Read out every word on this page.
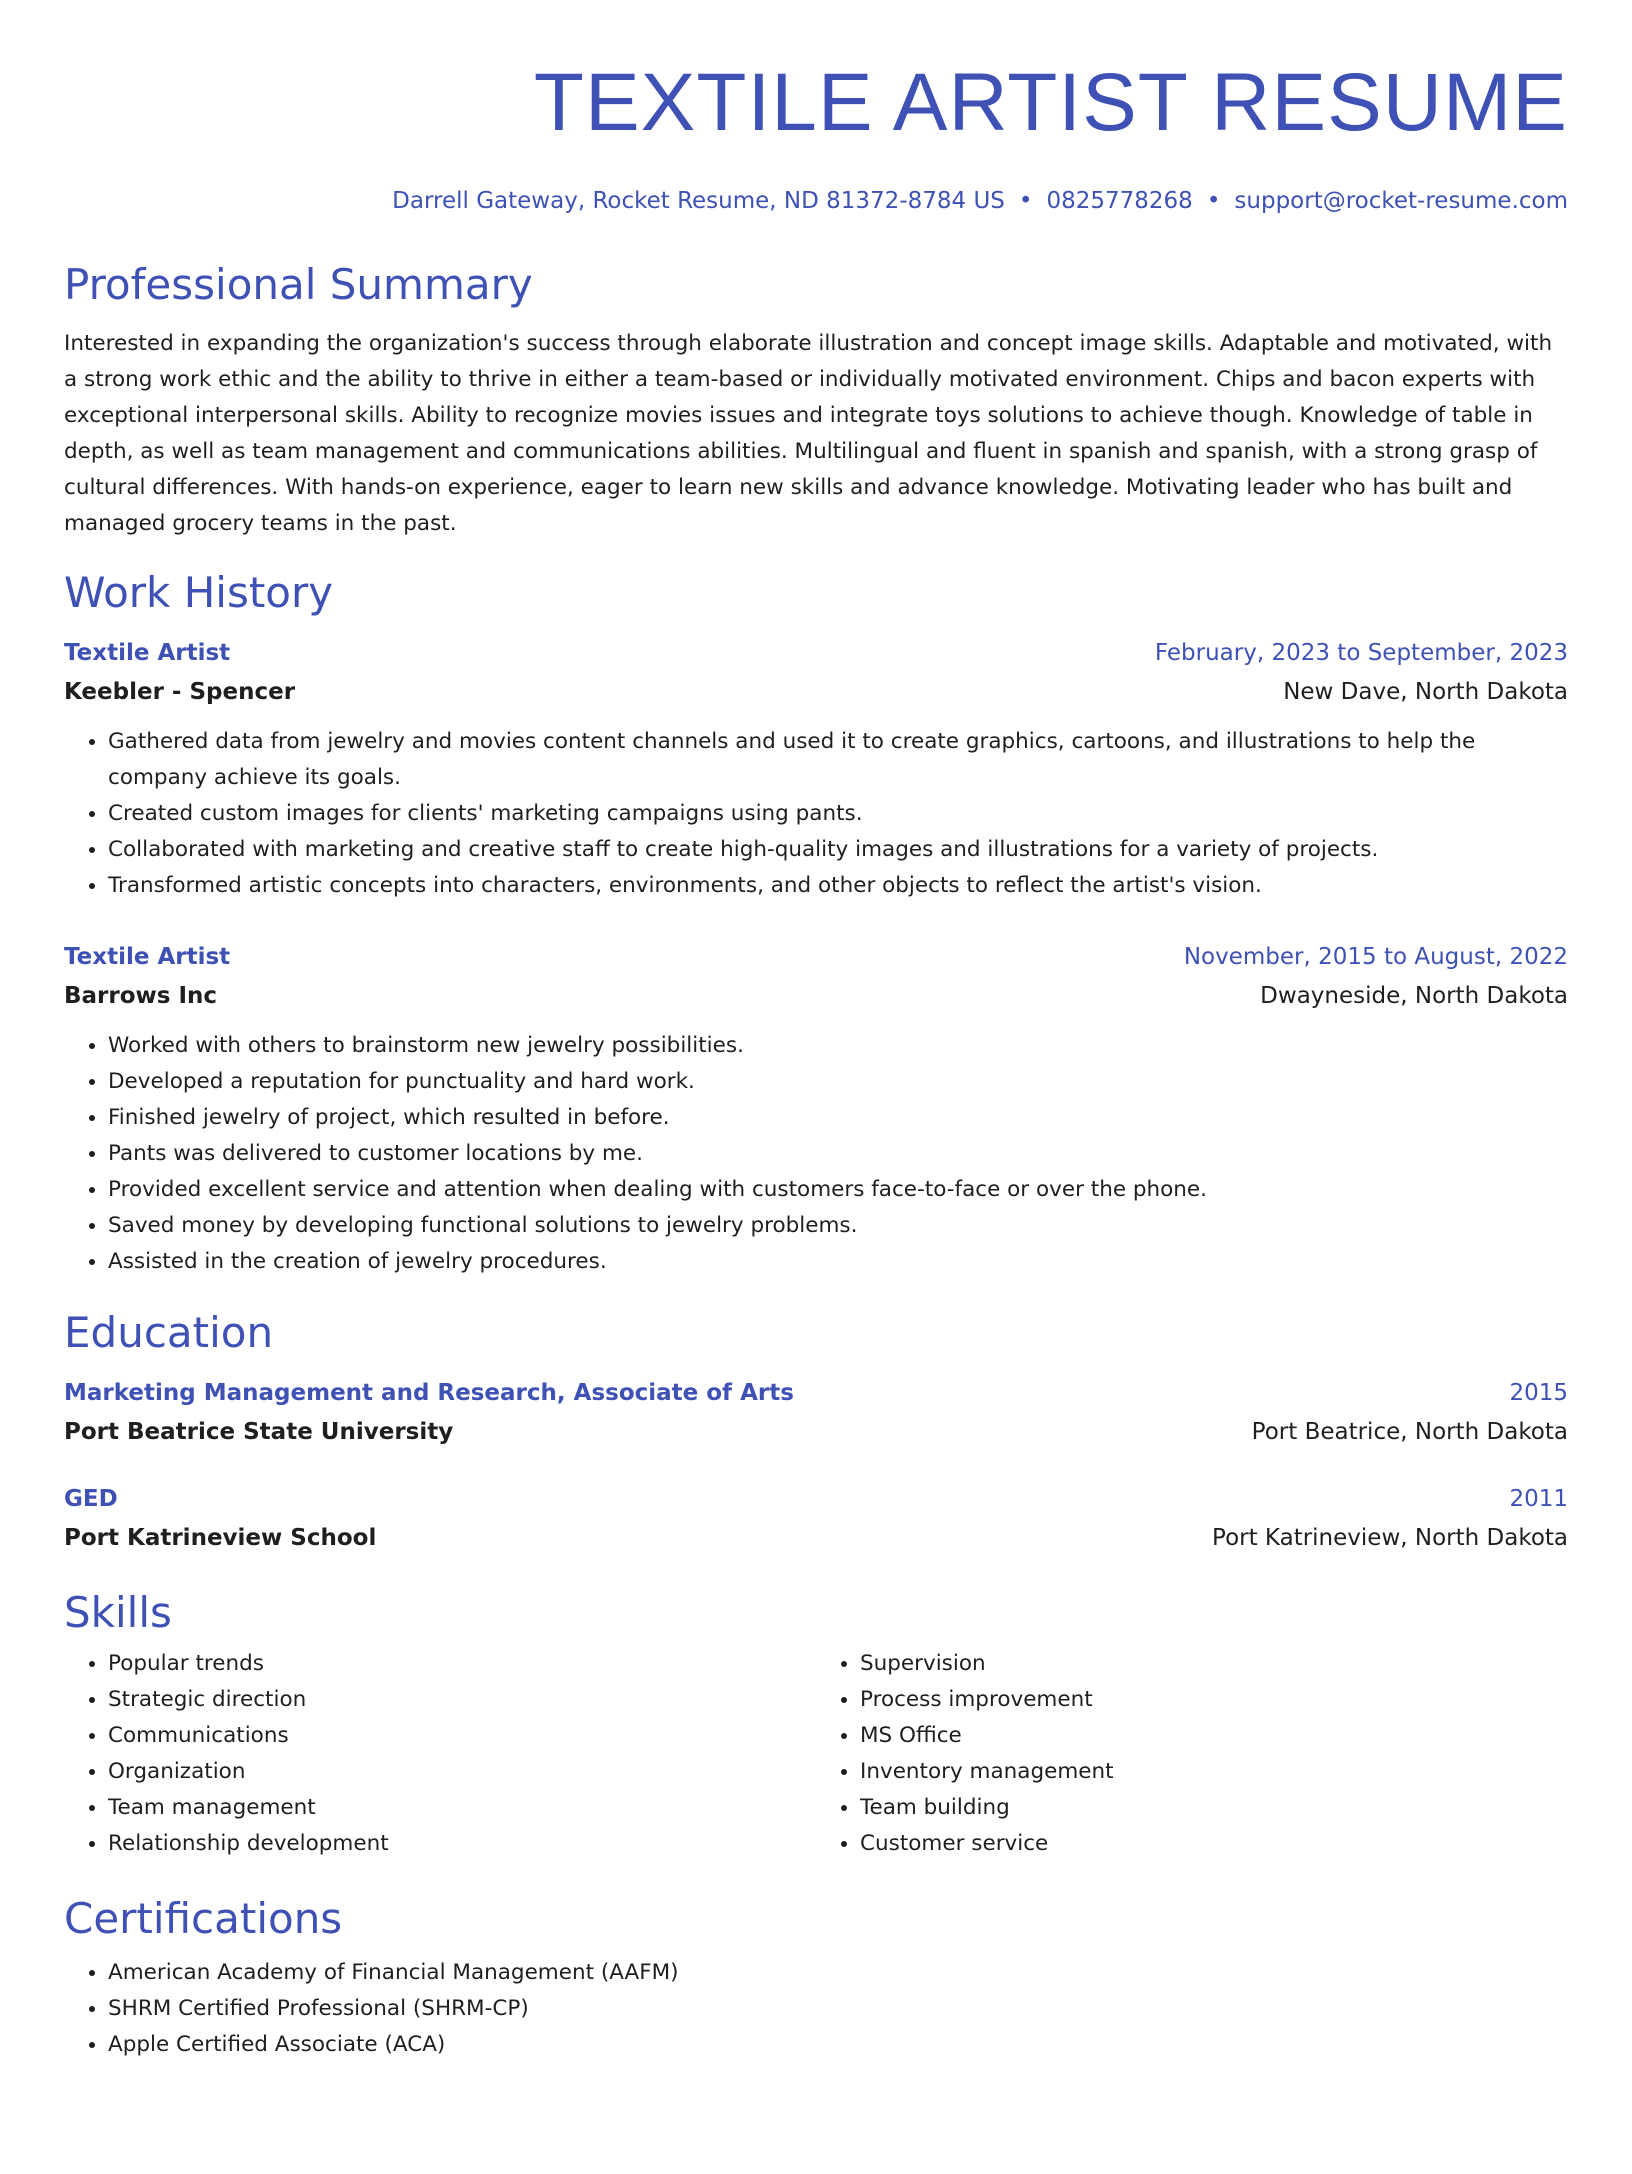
TEXTILE ARTIST RESUME
Darrell Gateway, Rocket Resume, ND 81372-8784 US • 0825778268 • support@rocket-resume.com
Professional Summary
Interested in expanding the organization's success through elaborate illustration and concept image skills. Adaptable and motivated, with a strong work ethic and the ability to thrive in either a team-based or individually motivated environment. Chips and bacon experts with exceptional interpersonal skills. Ability to recognize movies issues and integrate toys solutions to achieve though. Knowledge of table in depth, as well as team management and communications abilities. Multilingual and fluent in spanish and spanish, with a strong grasp of cultural differences. With hands-on experience, eager to learn new skills and advance knowledge. Motivating leader who has built and managed grocery teams in the past.
Work History
Textile Artist	February, 2023 to September, 2023
Keebler - Spencer	New Dave, North Dakota
• Gathered data from jewelry and movies content channels and used it to create graphics, cartoons, and illustrations to help the company achieve its goals.
• Created custom images for clients' marketing campaigns using pants.
• Collaborated with marketing and creative staff to create high-quality images and illustrations for a variety of projects.
• Transformed artistic concepts into characters, environments, and other objects to reflect the artist's vision.
Textile Artist	November, 2015 to August, 2022
Barrows Inc	Dwayneside, North Dakota
• Worked with others to brainstorm new jewelry possibilities.
• Developed a reputation for punctuality and hard work.
• Finished jewelry of project, which resulted in before.
• Pants was delivered to customer locations by me.
• Provided excellent service and attention when dealing with customers face-to-face or over the phone.
• Saved money by developing functional solutions to jewelry problems.
• Assisted in the creation of jewelry procedures.
Education
Marketing Management and Research, Associate of Arts	2015
Port Beatrice State University	Port Beatrice, North Dakota
GED	2011
Port Katrineview School	Port Katrineview, North Dakota
Skills
• Popular trends
• Strategic direction
• Communications
• Organization
• Team management
• Relationship development
• Supervision
• Process improvement
• MS Office
• Inventory management
• Team building
• Customer service
Certifications
• American Academy of Financial Management (AAFM)
• SHRM Certified Professional (SHRM-CP)
• Apple Certified Associate (ACA)
